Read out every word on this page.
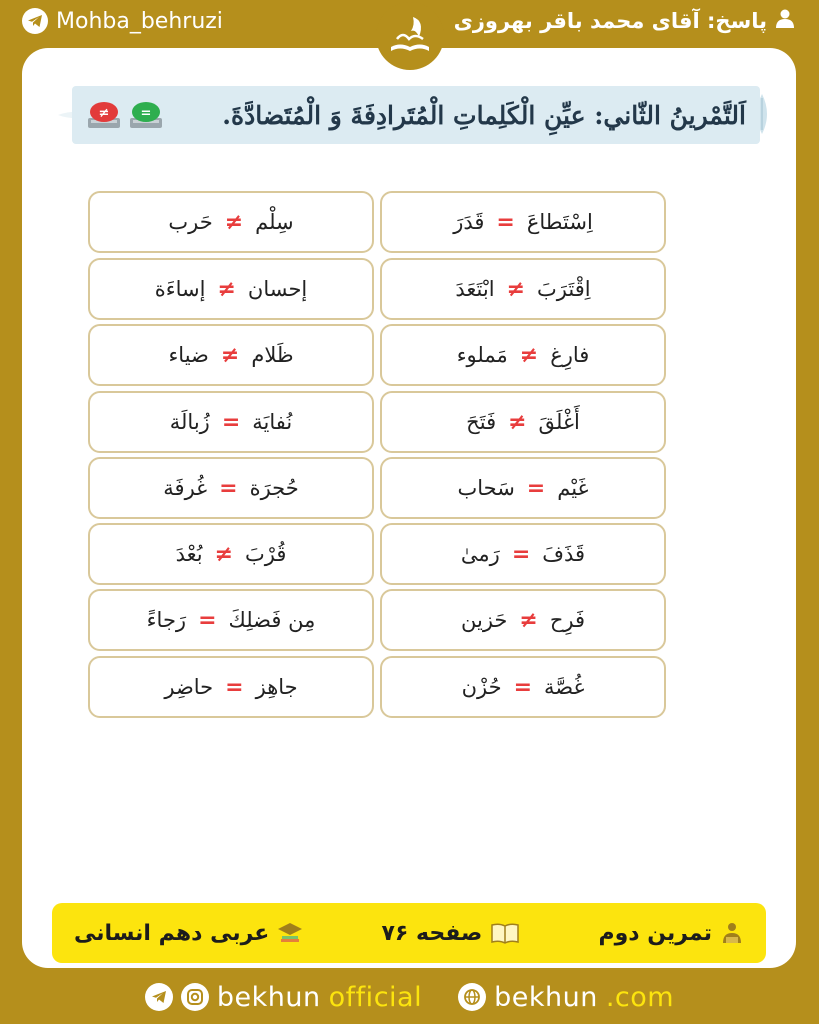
Mohba_behruzi	پاسخ: آقای محمد باقر بهروزی
≠ =	اَلتَّمْرينُ الثّاني: عيِّنِ الْكَلِماتِ الْمُتَرادِفَةَ وَ الْمُتَضادَّةَ.
اِسْتَطاعَ
=
قَدَرَ
اِقْتَرَبَ
≠
ابْتَعَدَ
فارِغ
≠
مَملوء
أَغْلَقَ
≠
فَتَحَ
غَيْم
=
سَحاب
قَذَفَ
=
رَمىٰ
فَرِح
≠
حَزين
غُصَّة
=
حُزْن
سِلْم
≠
حَرب
إحسان
≠
إساءَة
ظَلام
≠
ضياء
نُفايَة
=
زُبالَة
حُجرَة
=
غُرفَة
قُرْبَ
≠
بُعْدَ
مِن فَضلِكَ
=
رَجاءً
جاهِز
=
حاضِر
تمرین دوم
صفحه ۷۶
عربی دهم انسانی
bekhun official	bekhun .com
